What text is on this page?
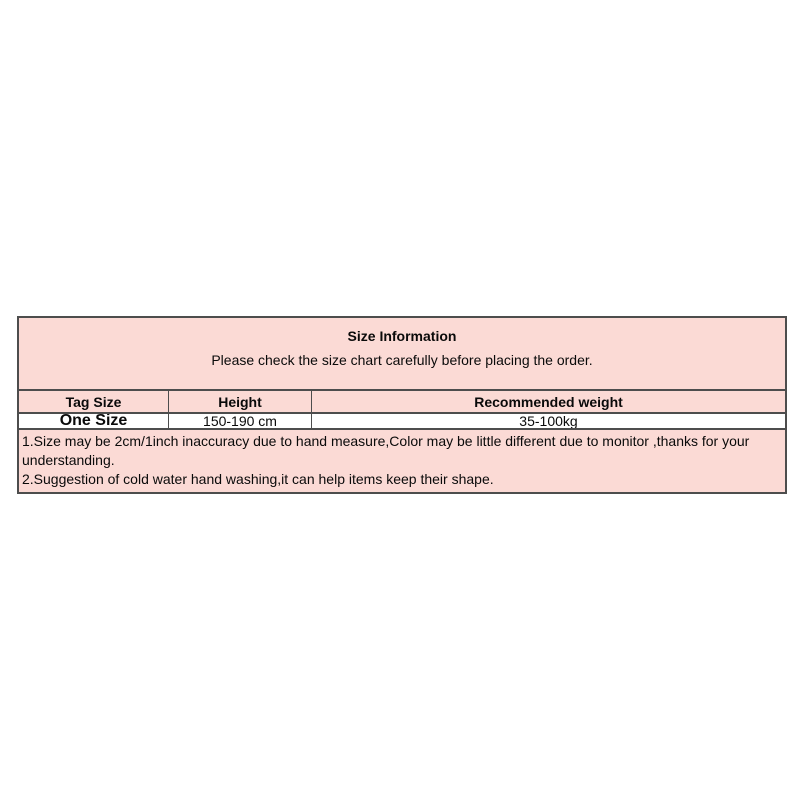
Size Information

Please check the size chart carefully before placing the order.

Tag Size	Height	Recommended weight
One Size	150-190 cm	35-100kg

1.Size may be 2cm/1inch inaccuracy due to hand measure,Color may be little different due to monitor ,thanks for your understanding.

2.Suggestion of cold water hand washing,it can help items keep their shape.
